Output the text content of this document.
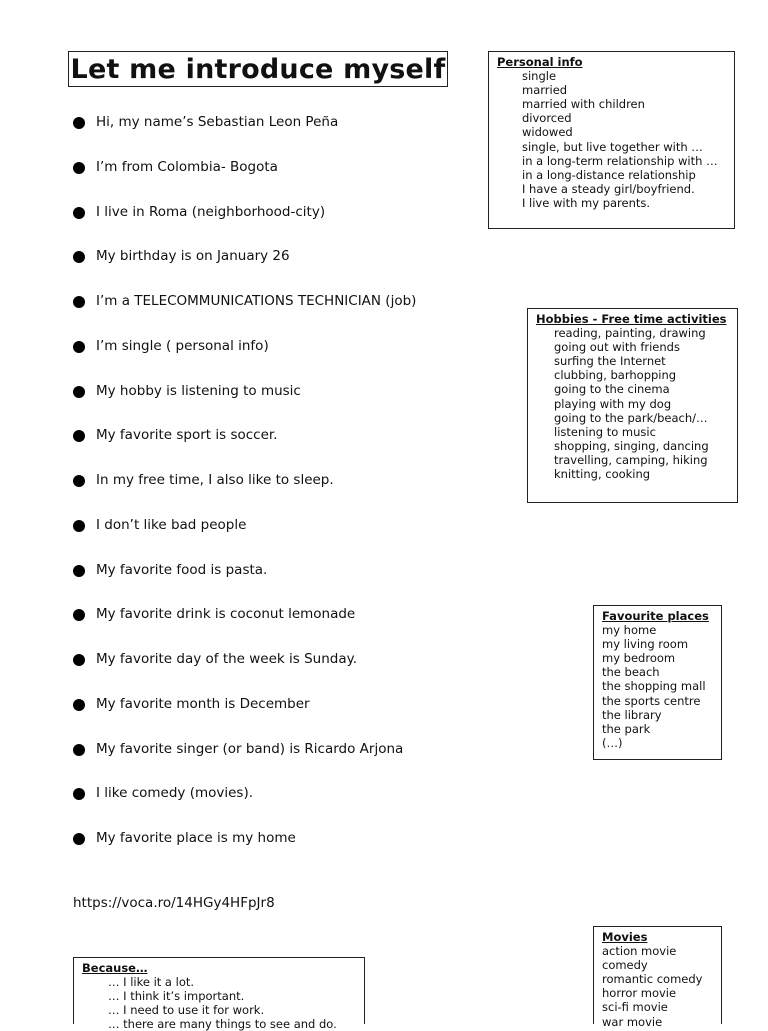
Let me introduce myself
Hi, my name’s Sebastian Leon Peña
I’m from Colombia- Bogota
I live in Roma (neighborhood-city)
My birthday is on January 26
I’m a TELECOMMUNICATIONS TECHNICIAN (job)
I’m single ( personal info)
My hobby is listening to music
My favorite sport is soccer.
In my free time, I also like to sleep.
I don’t like bad people
My favorite food is pasta.
My favorite drink is coconut lemonade
My favorite day of the week is Sunday.
My favorite month is December
My favorite singer (or band) is Ricardo Arjona
I like comedy (movies).
My favorite place is my home
https://voca.ro/14HGy4HFpJr8
Personal info
single
married
married with children
divorced
widowed
single, but live together with …
in a long-term relationship with …
in a long-distance relationship
I have a steady girl/boyfriend.
I live with my parents.
Hobbies - Free time activities
reading, painting, drawing
going out with friends
surfing the Internet
clubbing, barhopping
going to the cinema
playing with my dog
going to the park/beach/…
listening to music
shopping, singing, dancing
travelling, camping, hiking
knitting, cooking
Favourite places
my home
my living room
my bedroom
the beach
the shopping mall
the sports centre
the library
the park
(…)
Movies
action movie
comedy
romantic comedy
horror movie
sci-fi movie
war movie
Because…
… I like it a lot.
… I think it’s important.
… I need to use it for work.
… there are many things to see and do.
